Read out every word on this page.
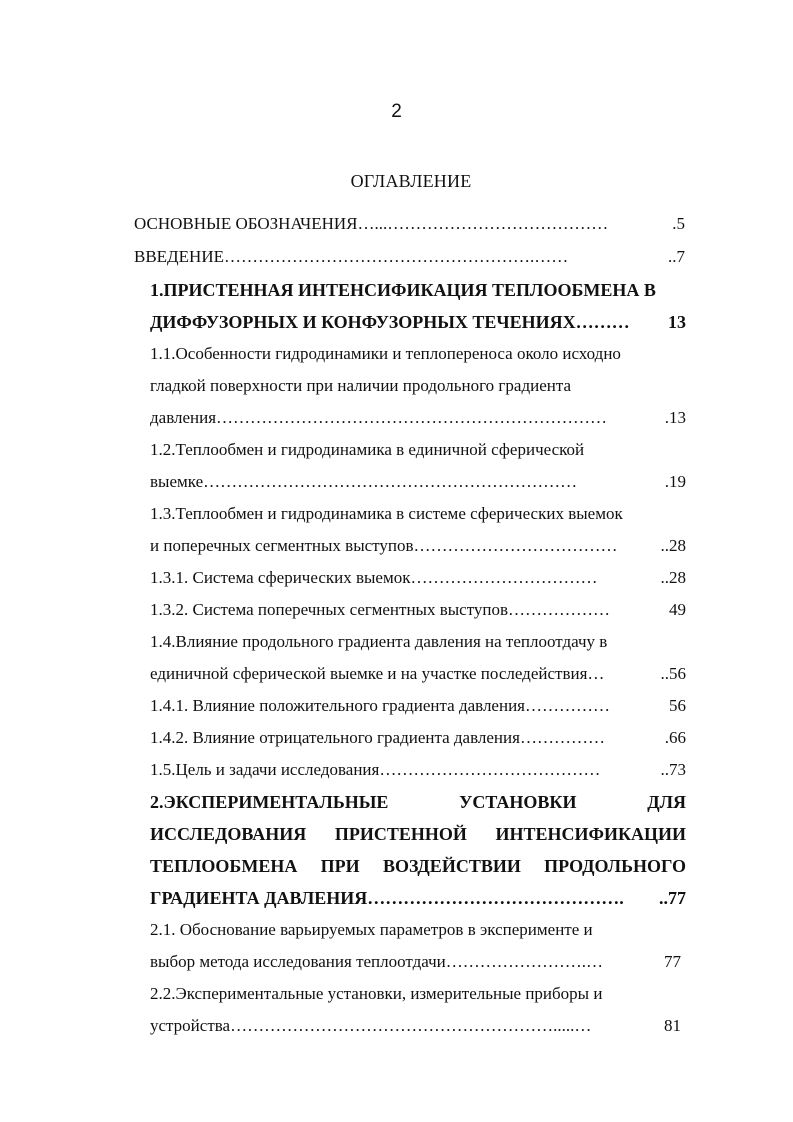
2
ОГЛАВЛЕНИЕ
ОСНОВНЫЕ ОБОЗНАЧЕНИЯ …...…………………………………	.5
ВВЕДЕНИЕ ……………………………………………….……	..7
1.ПРИСТЕННАЯ ИНТЕНСИФИКАЦИЯ ТЕПЛООБМЕНА В
ДИФФУЗОРНЫХ И КОНФУЗОРНЫХ ТЕЧЕНИЯХ ………	13
1.1.Особенности гидродинамики и теплопереноса около исходно
гладкой поверхности при наличии продольного градиента
давления ……………………………………………………………	.13
1.2.Теплообмен и гидродинамика в единичной сферической
выемке …………………………………………………………	.19
1.3.Теплообмен и гидродинамика в системе сферических выемок
и поперечных сегментных выступов ………………………………	..28
1.3.1. Система сферических выемок ……………………………	..28
1.3.2. Система поперечных сегментных выступов ………………	49
1.4.Влияние продольного градиента давления на теплоотдачу в
единичной сферической выемке и на участке последействия …	..56
1.4.1. Влияние положительного градиента давления ……………	56
1.4.2. Влияние отрицательного градиента давления ……………	.66
1.5.Цель и задачи исследования …………………………………	..73
2.ЭКСПЕРИМЕНТАЛЬНЫЕ	УСТАНОВКИ	ДЛЯ
ИССЛЕДОВАНИЯ ПРИСТЕННОЙ ИНТЕНСИФИКАЦИИ
ТЕПЛООБМЕНА ПРИ ВОЗДЕЙСТВИИ ПРОДОЛЬНОГО
ГРАДИЕНТА ДАВЛЕНИЯ …………………………………….	..77
2.1. Обоснование варьируемых параметров в эксперименте и
выбор метода исследования теплоотдачи …………………….…	77
2.2.Экспериментальные установки, измерительные приборы и
устройства ………………………………………………….....…	81
